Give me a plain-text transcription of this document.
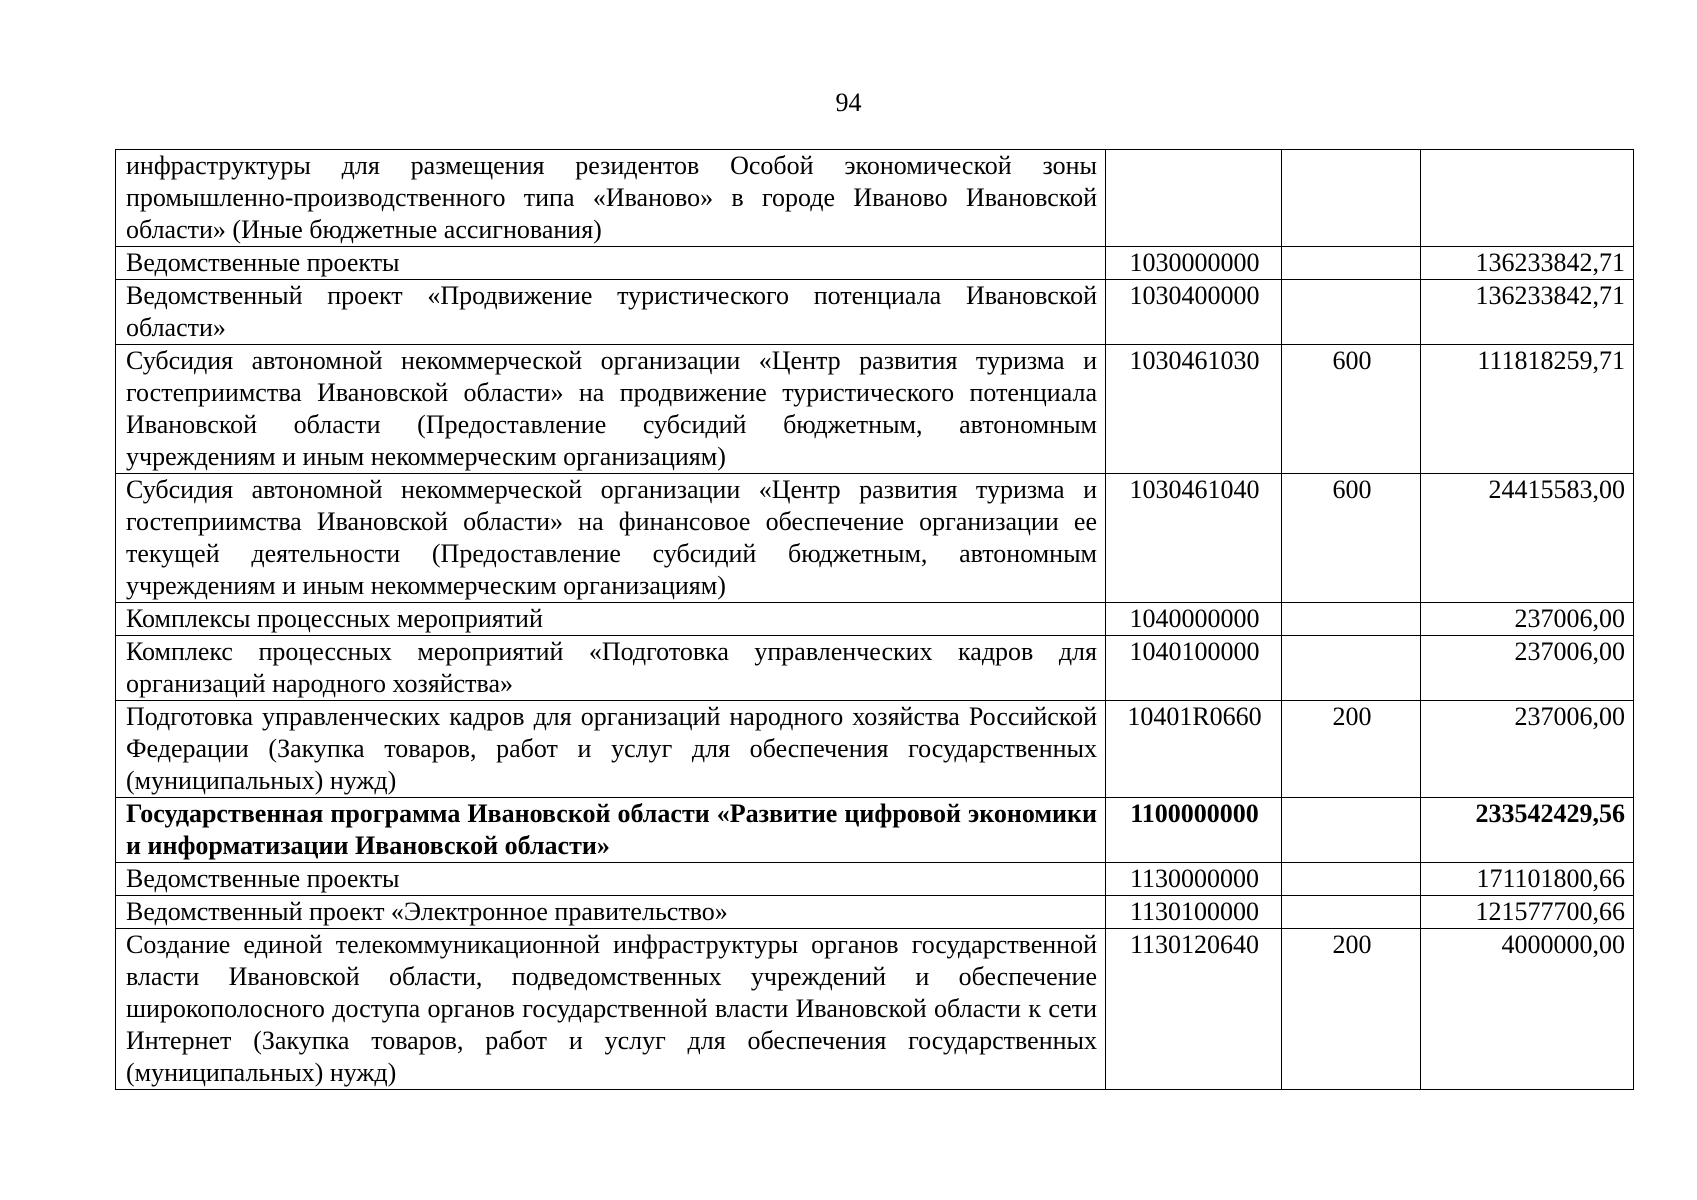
94
инфраструктуры для размещения резидентов Особой экономической зоны промышленно-производственного типа «Иваново» в городе Иваново Ивановской области» (Иные бюджетные ассигнования)			
Ведомственные проекты	1030000000		136233842,71
Ведомственный проект «Продвижение туристического потенциала Ивановской области»	1030400000		136233842,71
Субсидия автономной некоммерческой организации «Центр развития туризма и гостеприимства Ивановской области» на продвижение туристического потенциала Ивановской области (Предоставление субсидий бюджетным, автономным учреждениям и иным некоммерческим организациям)	1030461030	600	111818259,71
Субсидия автономной некоммерческой организации «Центр развития туризма и гостеприимства Ивановской области» на финансовое обеспечение организации ее текущей деятельности (Предоставление субсидий бюджетным, автономным учреждениям и иным некоммерческим организациям)	1030461040	600	24415583,00
Комплексы процессных мероприятий	1040000000		237006,00
Комплекс процессных мероприятий «Подготовка управленческих кадров для организаций народного хозяйства»	1040100000		237006,00
Подготовка управленческих кадров для организаций народного хозяйства Российской Федерации (Закупка товаров, работ и услуг для обеспечения государственных (муниципальных) нужд)	10401R0660	200	237006,00
Государственная программа Ивановской области «Развитие цифровой экономики и информатизации Ивановской области»	1100000000		233542429,56
Ведомственные проекты	1130000000		171101800,66
Ведомственный проект «Электронное правительство»	1130100000		121577700,66
Создание единой телекоммуникационной инфраструктуры органов государственной власти Ивановской области, подведомственных учреждений и обеспечение широкополосного доступа органов государственной власти Ивановской области к сети Интернет (Закупка товаров, работ и услуг для обеспечения государственных (муниципальных) нужд)	1130120640	200	4000000,00
